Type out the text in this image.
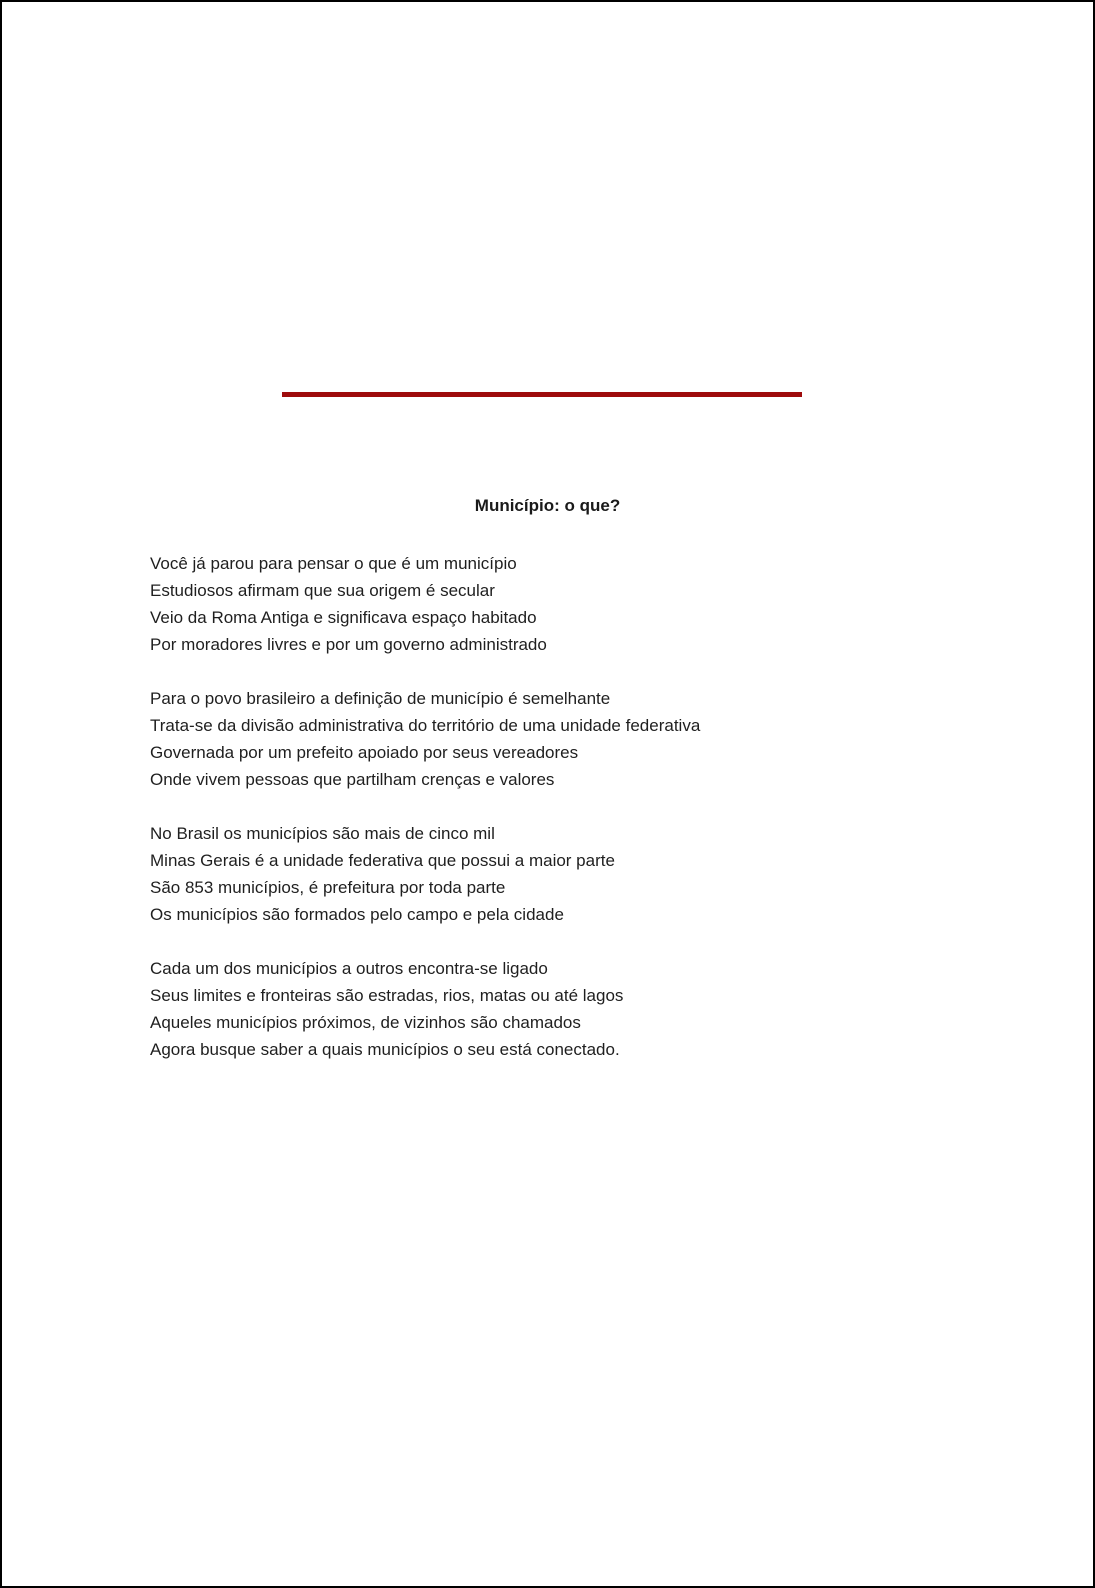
Município: o que?
Você já parou para pensar o que é um município
Estudiosos afirmam que sua origem é secular
Veio da Roma Antiga e significava espaço habitado
Por moradores livres e por um governo administrado
Para o povo brasileiro a definição de município é semelhante
Trata-se da divisão administrativa do território de uma unidade federativa
Governada por um prefeito apoiado por seus vereadores
Onde vivem pessoas que partilham crenças e valores
No Brasil os municípios são mais de cinco mil
Minas Gerais é a unidade federativa que possui a maior parte
São 853 municípios, é prefeitura por toda parte
Os municípios são formados pelo campo e pela cidade
Cada um dos municípios a outros encontra-se ligado
Seus limites e fronteiras são estradas, rios, matas ou até lagos
Aqueles municípios próximos, de vizinhos são chamados
Agora busque saber a quais municípios o seu está conectado.
